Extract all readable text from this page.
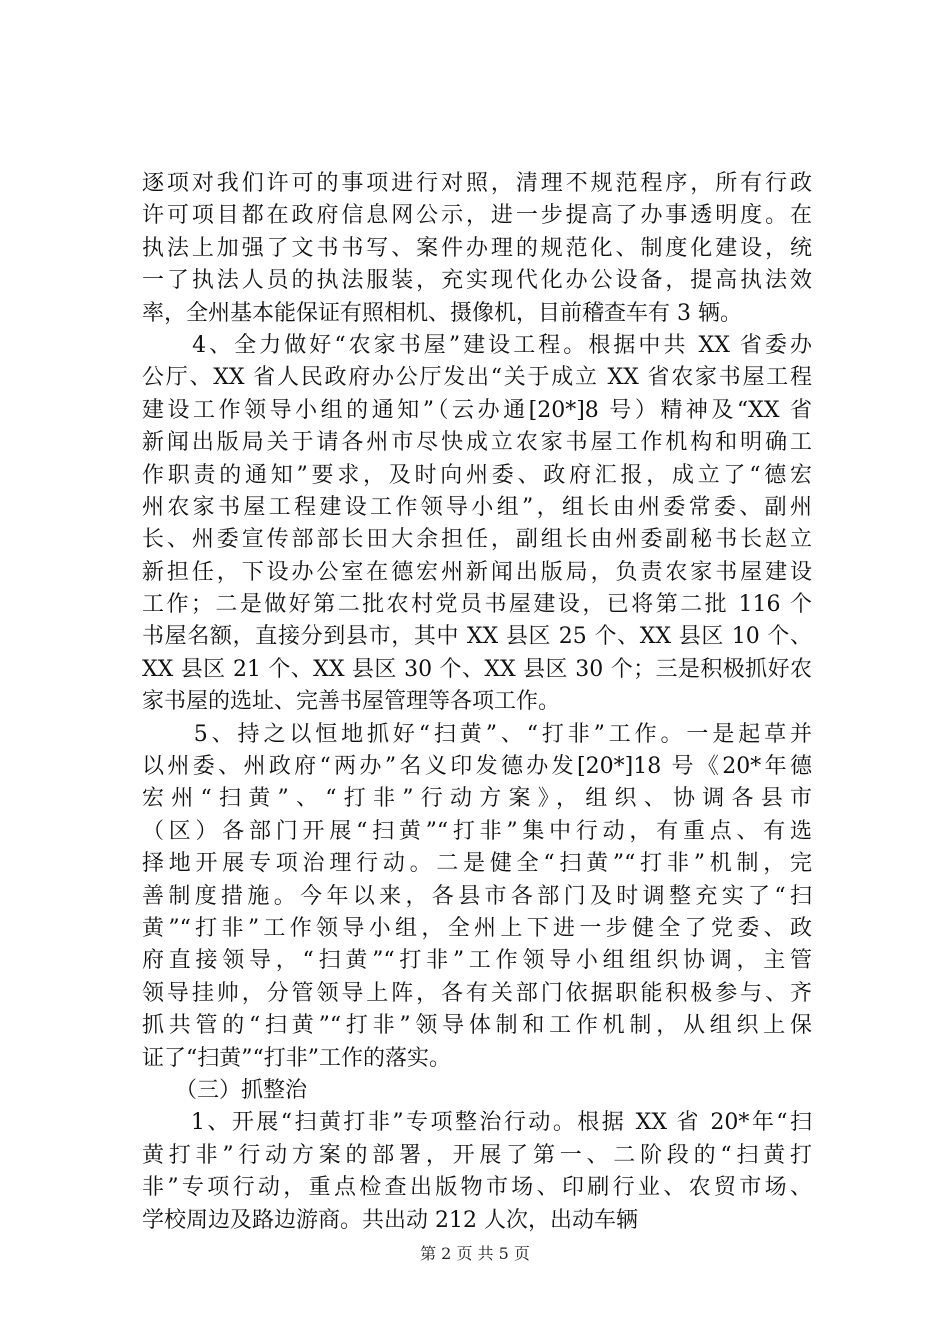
逐项对我们许可的事项进行对照，清理不规范程序，所有行政
许可项目都在政府信息网公示，进一步提高了办事透明度。在
执法上加强了文书书写、案件办理的规范化、制度化建设，统
一了执法人员的执法服装，充实现代化办公设备，提高执法效
率，全州基本能保证有照相机、摄像机，目前稽查车有 3 辆。
　　4、全力做好“农家书屋”建设工程。根据中共 XX 省委办
公厅、XX 省人民政府办公厅发出“关于成立 XX 省农家书屋工程
建设工作领导小组的通知”（云办通[20*]8 号）精神及“XX 省
新闻出版局关于请各州市尽快成立农家书屋工作机构和明确工
作职责的通知”要求，及时向州委、政府汇报，成立了“德宏
州农家书屋工程建设工作领导小组”，组长由州委常委、副州
长、州委宣传部部长田大余担任，副组长由州委副秘书长赵立
新担任，下设办公室在德宏州新闻出版局，负责农家书屋建设
工作；二是做好第二批农村党员书屋建设，已将第二批 116 个
书屋名额，直接分到县市，其中 XX 县区 25 个、XX 县区 10 个、
XX 县区 21 个、XX 县区 30 个、XX 县区 30 个；三是积极抓好农
家书屋的选址、完善书屋管理等各项工作。
　　5、持之以恒地抓好“扫黄”、“打非”工作。一是起草并
以州委、州政府“两办”名义印发德办发[20*]18 号《20*年德
宏州“扫黄”、“打非”行动方案》，组织、协调各县市
（区）各部门开展“扫黄”“打非”集中行动，有重点、有选
择地开展专项治理行动。二是健全“扫黄”“打非”机制，完
善制度措施。今年以来，各县市各部门及时调整充实了“扫
黄”“打非”工作领导小组，全州上下进一步健全了党委、政
府直接领导，“扫黄”“打非”工作领导小组组织协调，主管
领导挂帅，分管领导上阵，各有关部门依据职能积极参与、齐
抓共管的“扫黄”“打非”领导体制和工作机制，从组织上保
证了“扫黄”“打非”工作的落实。
　　（三）抓整治
　　1、开展“扫黄打非”专项整治行动。根据 XX 省 20*年“扫
黄打非”行动方案的部署，开展了第一、二阶段的“扫黄打
非”专项行动，重点检查出版物市场、印刷行业、农贸市场、
学校周边及路边游商。共出动 212 人次，出动车辆
第 2 页 共 5 页
